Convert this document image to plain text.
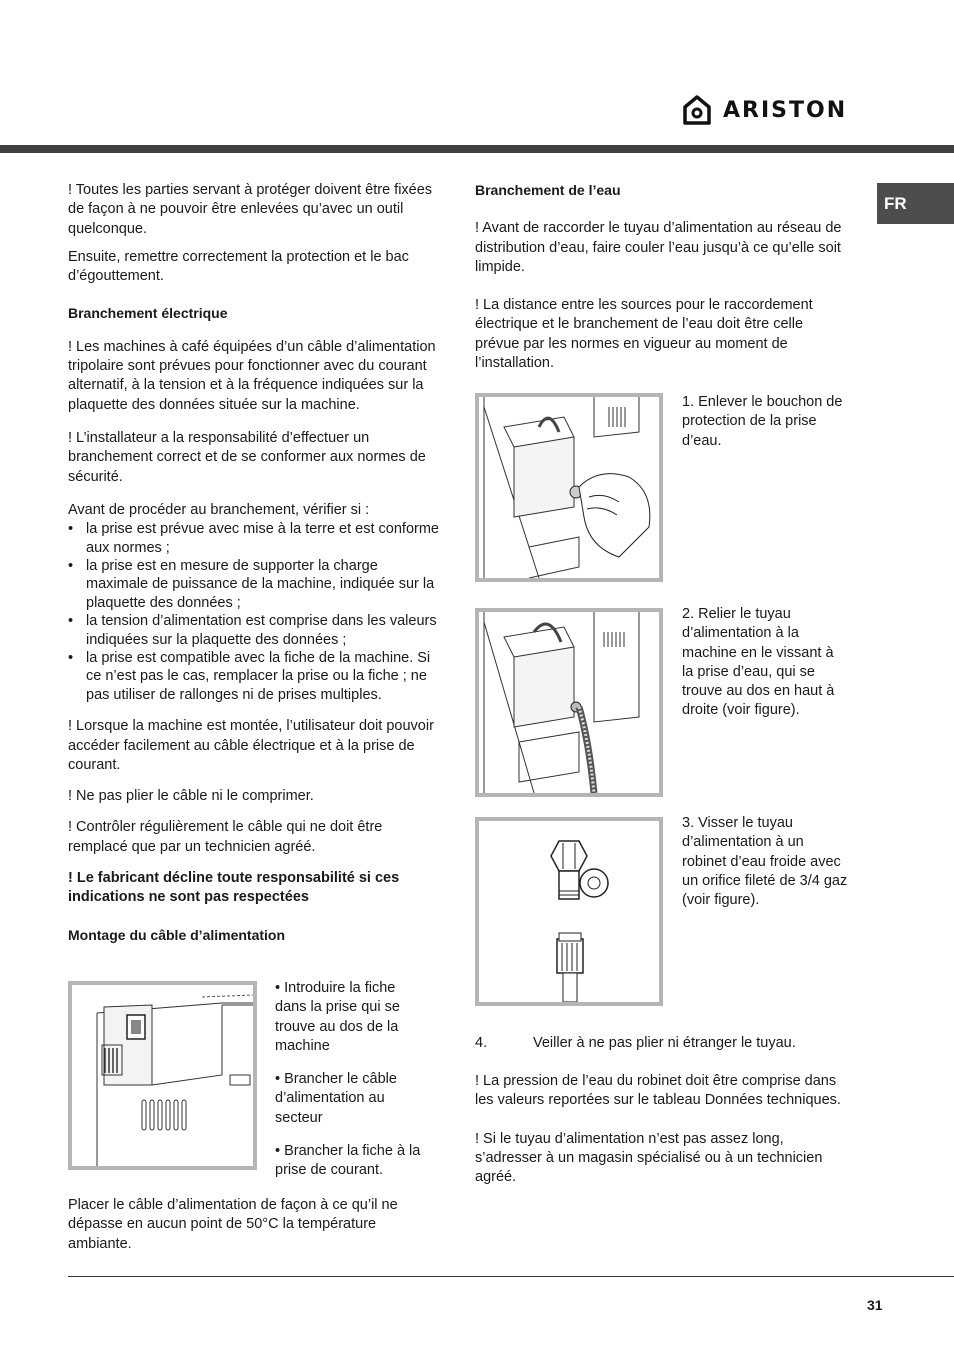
ARISTON
FR

! Toutes les parties servant à protéger doivent être fixées de façon à ne pouvoir être enlevées qu’avec un outil quelconque.

Ensuite, remettre correctement la protection et le bac d’égouttement.

Branchement électrique

! Les machines à café équipées d’un câble d’alimentation tripolaire sont prévues pour fonctionner avec du courant alternatif, à la tension et à la fréquence indiquées sur la plaquette des données située sur la machine.

! L’installateur a la responsabilité d’effectuer un branchement correct et de se conformer aux normes de sécurité.

Avant de procéder au branchement, vérifier si :

• la prise est prévue avec mise à la terre et est conforme aux normes ;
• la prise est en mesure de supporter la charge maximale de puissance de la machine, indiquée sur la plaquette des données ;
• la tension d’alimentation est comprise dans les valeurs indiquées sur la plaquette des données ;
• la prise est compatible avec la fiche de la machine. Si ce n’est pas le cas, remplacer la prise ou la fiche ; ne pas utiliser de rallonges ni de prises multiples.

! Lorsque la machine est montée, l’utilisateur doit pouvoir accéder facilement au câble électrique et à la prise de courant.

! Ne pas plier le câble ni le comprimer.

! Contrôler régulièrement le câble qui ne doit être remplacé que par un technicien agréé.

! Le fabricant décline toute responsabilité si ces indications ne sont pas respectées

Montage du câble d’alimentation

• Introduire la fiche dans la prise qui se trouve au dos de la machine

• Brancher le câble d’alimentation au secteur

• Brancher la fiche à la prise de courant.

Placer le câble d’alimentation de façon à ce qu’il ne dépasse en aucun point de 50°C la température ambiante.

Branchement de l’eau

! Avant de raccorder le tuyau d’alimentation au réseau de distribution d’eau, faire couler l’eau jusqu’à ce qu’elle soit limpide.

! La distance entre les sources pour le raccordement électrique et le branchement de l’eau doit être celle prévue par les normes en vigueur au moment de l’installation.

1. Enlever le bouchon de protection de la prise d’eau.
2. Relier le tuyau d’alimentation à la machine en le vissant à la prise d’eau, qui se trouve au dos en haut à droite (voir figure).
3. Visser le tuyau d’alimentation à un robinet d’eau froide avec un orifice fileté de 3/4 gaz (voir figure).
4.	Veiller à ne pas plier ni étranger le tuyau.

! La pression de l’eau du robinet doit être comprise dans les valeurs reportées sur le tableau Données techniques.

! Si le tuyau d’alimentation n’est pas assez long, s’adresser à un magasin spécialisé ou à un technicien agréé.

31
